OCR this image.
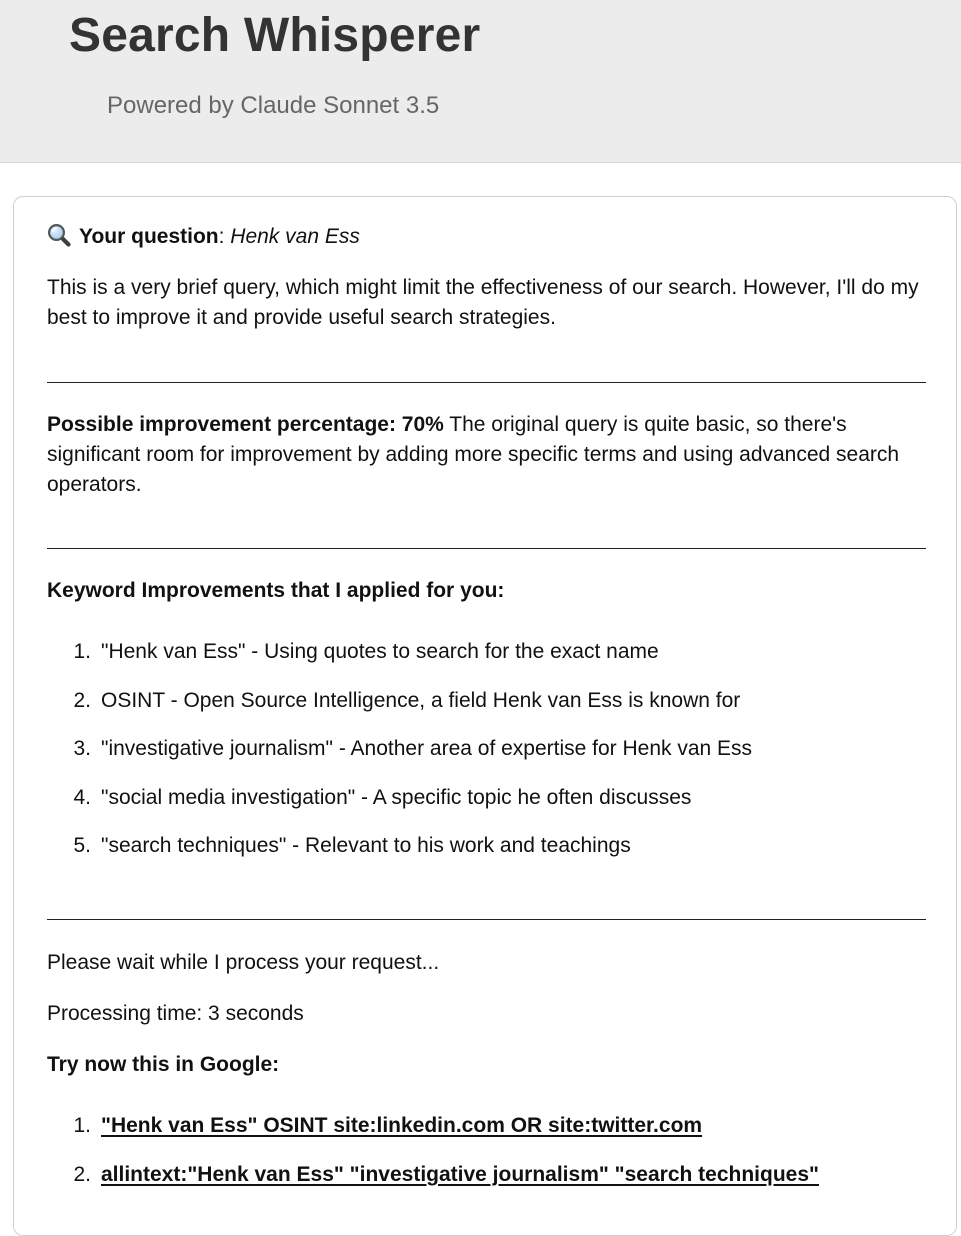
Search Whisperer
Powered by Claude Sonnet 3.5

Your question: Henk van Ess

This is a very brief query, which might limit the effectiveness of our search. However, I'll do my best to improve it and provide useful search strategies.

Possible improvement percentage: 70% The original query is quite basic, so there's significant room for improvement by adding more specific terms and using advanced search operators.

Keyword Improvements that I applied for you:

1. "Henk van Ess" - Using quotes to search for the exact name
2. OSINT - Open Source Intelligence, a field Henk van Ess is known for
3. "investigative journalism" - Another area of expertise for Henk van Ess
4. "social media investigation" - A specific topic he often discusses
5. "search techniques" - Relevant to his work and teachings

Please wait while I process your request...

Processing time: 3 seconds

Try now this in Google:

1. "Henk van Ess" OSINT site:linkedin.com OR site:twitter.com
2. allintext:"Henk van Ess" "investigative journalism" "search techniques"
